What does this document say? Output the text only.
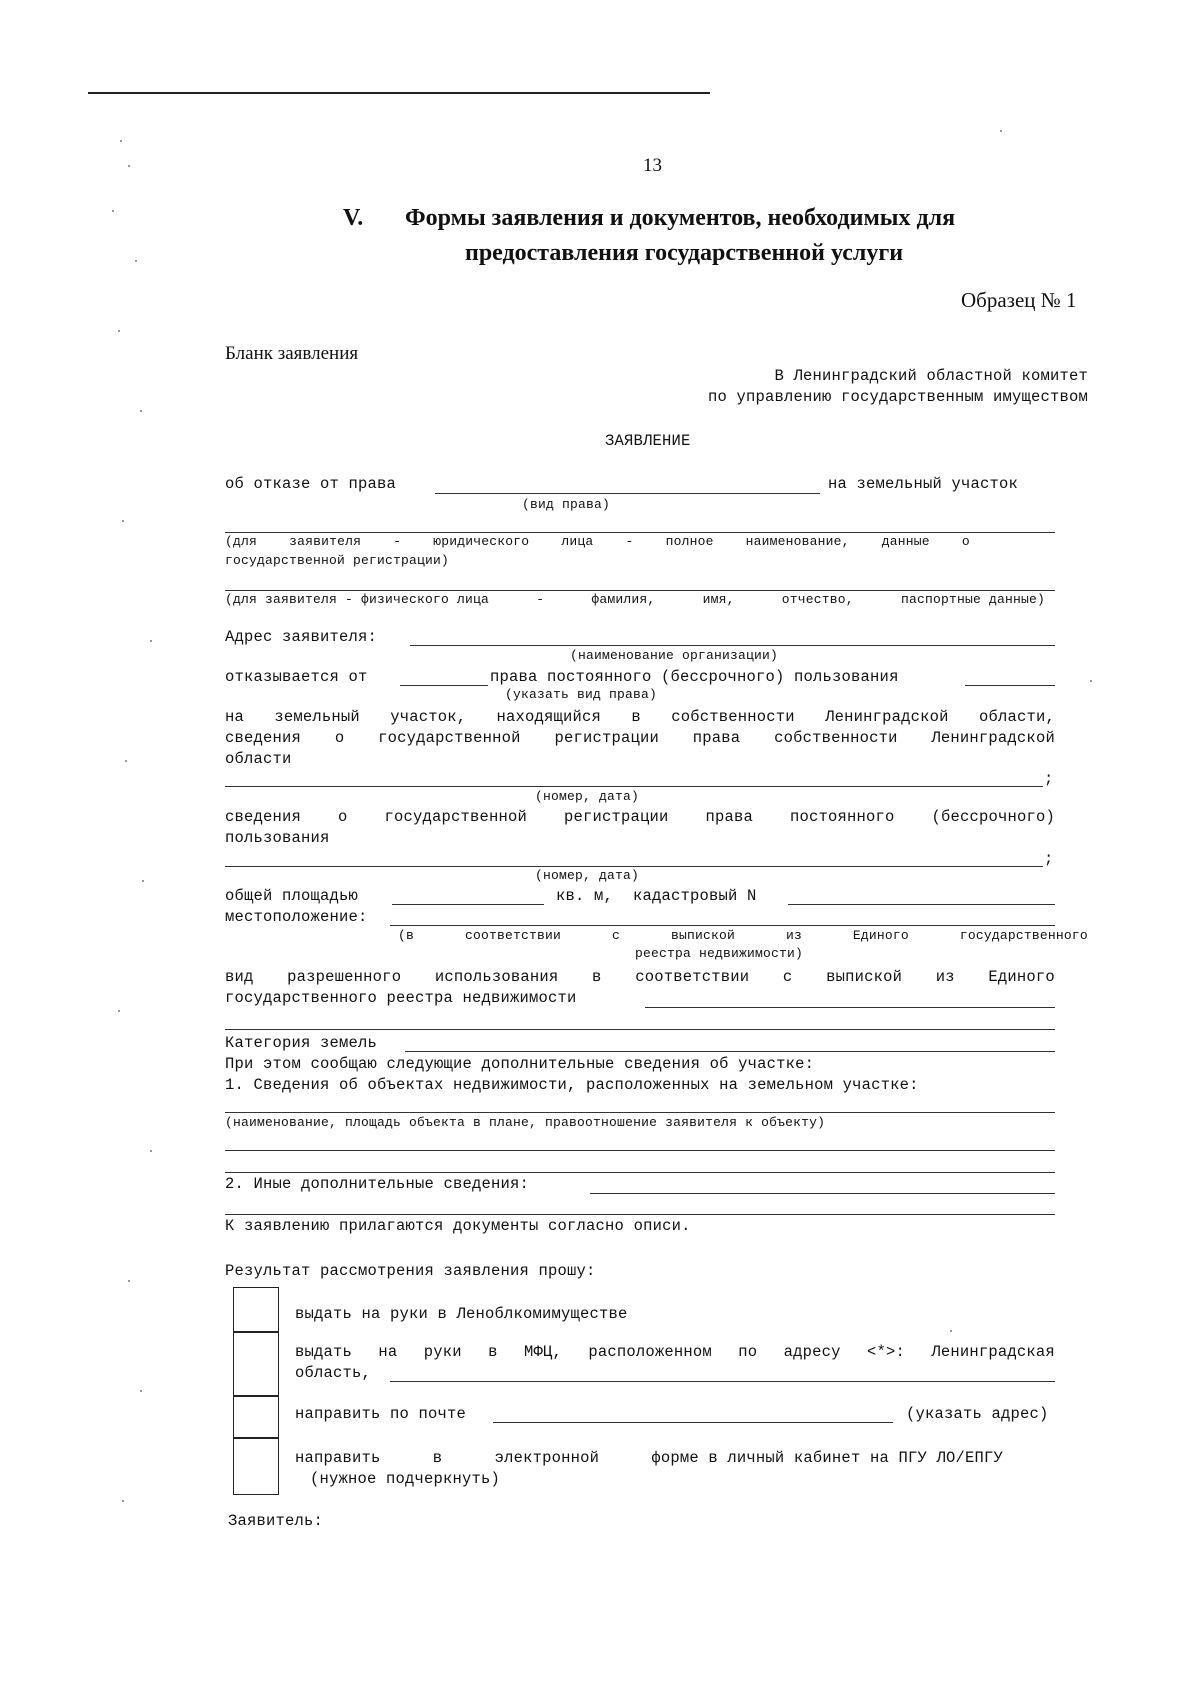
13
V. Формы заявления и документов, необходимых для
предоставления государственной услуги
Образец № 1
Бланк заявления
В Ленинградский областной комитет
по управлению государственным имуществом
ЗАЯВЛЕНИЕ
об отказе от права	на земельный участок
(вид права)
(для заявителя - юридического лица - полное наименование, данные о
государственной регистрации)
(для заявителя - физического лица	-	фамилия,	имя,	отчество,	паспортные данные)
Адрес заявителя:
(наименование организации)
отказывается от	права постоянного (бессрочного) пользования
(указать вид права)
на земельный участок, находящийся в собственности Ленинградской области,
сведения о государственной регистрации права собственности Ленинградской
области
;
(номер, дата)
сведения о государственной регистрации права постоянного (бессрочного)
пользования
;
(номер, дата)
общей площадью	кв. м, кадастровый N
местоположение:
(в	соответствии	с	выпиской	из	Единого	государственного
реестра недвижимости)
вид разрешенного использования в соответствии с выпиской из Единого
государственного реестра недвижимости
Категория земель
При этом сообщаю следующие дополнительные сведения об участке:
1. Сведения об объектах недвижимости, расположенных на земельном участке:
(наименование, площадь объекта в плане, правоотношение заявителя к объекту)
2. Иные дополнительные сведения:
К заявлению прилагаются документы согласно описи.
Результат рассмотрения заявления прошу:
выдать на руки в Леноблкомимуществе
выдать на руки в МФЦ, расположенном по адресу <*>: Ленинградская
область,
направить по почте	(указать адрес)
направить	в	электронной	форме в личный кабинет на ПГУ ЛО/ЕПГУ
(нужное подчеркнуть)
Заявитель:
